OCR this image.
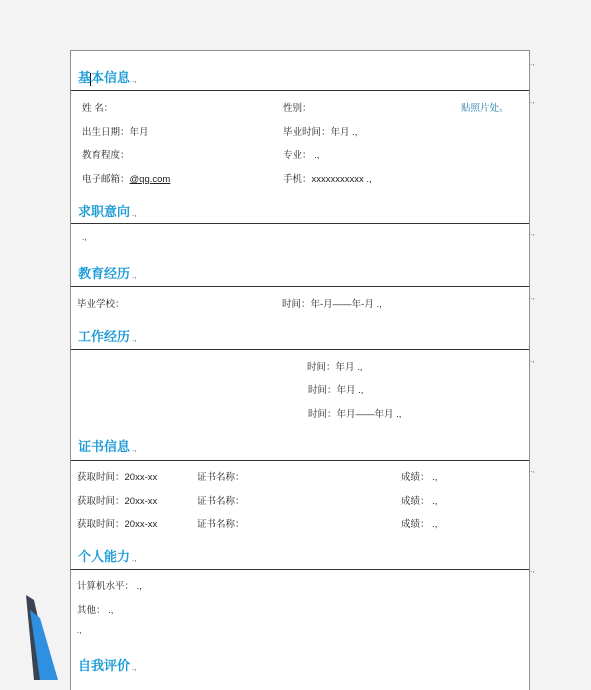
基本信息 .,
姓 名：	性别：	贴照片处。
出生日期：年月	毕业时间：年月 .,
教育程度：	专业： .,
电子邮箱：@qq.com	手机：xxxxxxxxxxx .,
求职意向 .,
.,
教育经历 .,
毕业学校：	时间：年-月——年-月 .,
工作经历 .,
时间：年月 .,
时间：年月 .,
时间：年月——年月 .,
证书信息 .,
获取时间：20xx-xx	证书名称：	成绩： .,
获取时间：20xx-xx	证书名称：	成绩： .,
获取时间：20xx-xx	证书名称：	成绩： .,
个人能力 .,
计算机水平： .,
其他： .,
.,
自我评价 .,
.,
.,
.,
.,
.,
.,
.,
